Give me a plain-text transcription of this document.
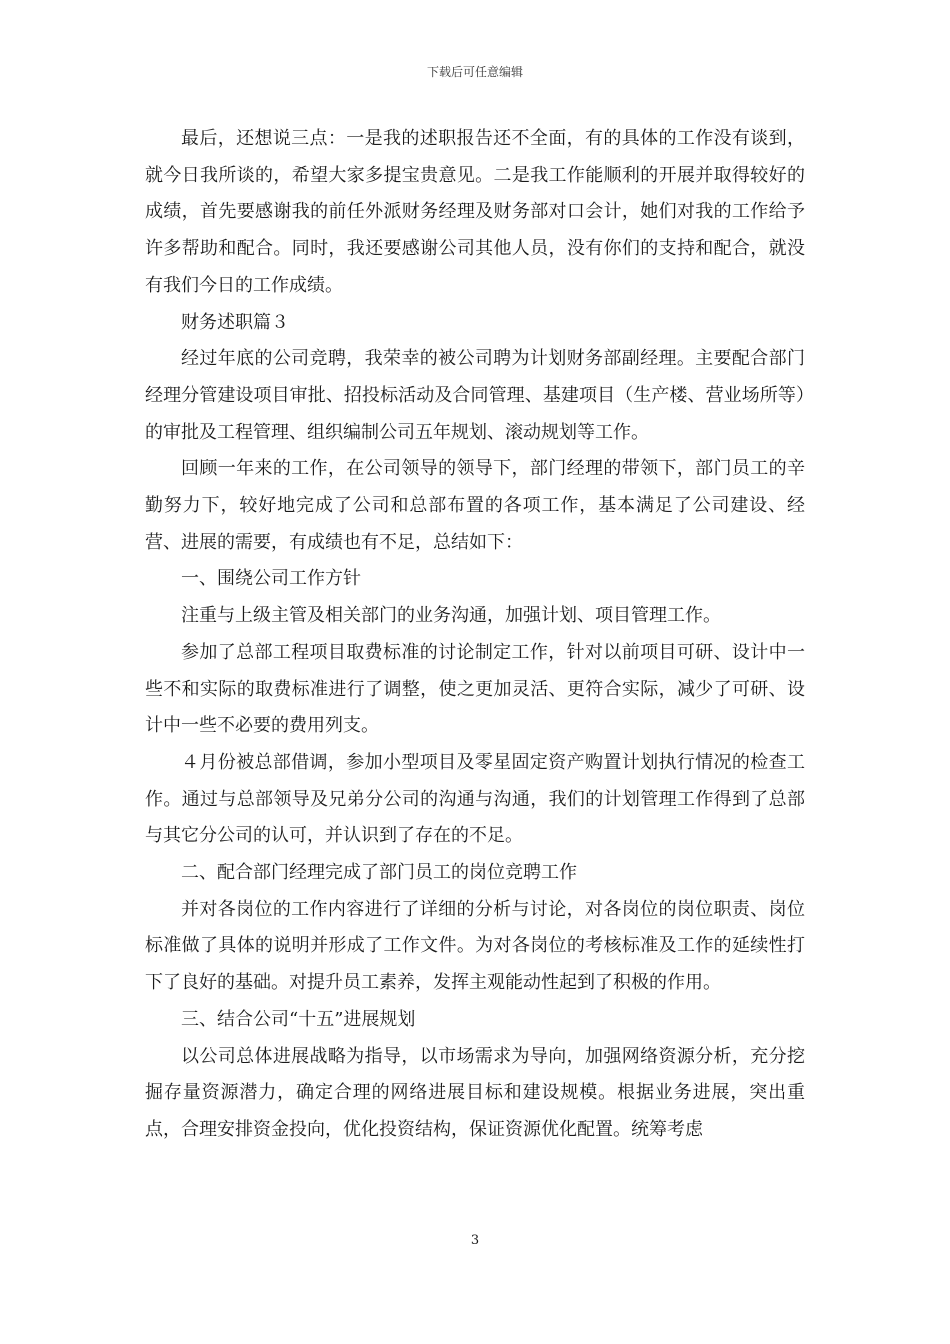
下载后可任意编辑

最后，还想说三点：一是我的述职报告还不全面，有的具体的工作没有谈到，就今日我所谈的，希望大家多提宝贵意见。二是我工作能顺利的开展并取得较好的成绩，首先要感谢我的前任外派财务经理及财务部对口会计，她们对我的工作给予许多帮助和配合。同时，我还要感谢公司其他人员，没有你们的支持和配合，就没有我们今日的工作成绩。

财务述职篇３

经过年底的公司竞聘，我荣幸的被公司聘为计划财务部副经理。主要配合部门经理分管建设项目审批、招投标活动及合同管理、基建项目（生产楼、营业场所等）的审批及工程管理、组织编制公司五年规划、滚动规划等工作。

回顾一年来的工作，在公司领导的领导下，部门经理的带领下，部门员工的辛勤努力下，较好地完成了公司和总部布置的各项工作，基本满足了公司建设、经营、进展的需要，有成绩也有不足，总结如下：

一、围绕公司工作方针

注重与上级主管及相关部门的业务沟通，加强计划、项目管理工作。

参加了总部工程项目取费标准的讨论制定工作，针对以前项目可研、设计中一些不和实际的取费标准进行了调整，使之更加灵活、更符合实际，减少了可研、设计中一些不必要的费用列支。

４月份被总部借调，参加小型项目及零星固定资产购置计划执行情况的检查工作。通过与总部领导及兄弟分公司的沟通与沟通，我们的计划管理工作得到了总部与其它分公司的认可，并认识到了存在的不足。

二、配合部门经理完成了部门员工的岗位竞聘工作

并对各岗位的工作内容进行了详细的分析与讨论，对各岗位的岗位职责、岗位标准做了具体的说明并形成了工作文件。为对各岗位的考核标准及工作的延续性打下了良好的基础。对提升员工素养，发挥主观能动性起到了积极的作用。

三、结合公司“十五”进展规划

以公司总体进展战略为指导，以市场需求为导向，加强网络资源分析，充分挖掘存量资源潜力，确定合理的网络进展目标和建设规模。根据业务进展，突出重点，合理安排资金投向，优化投资结构，保证资源优化配置。统筹考虑

3
